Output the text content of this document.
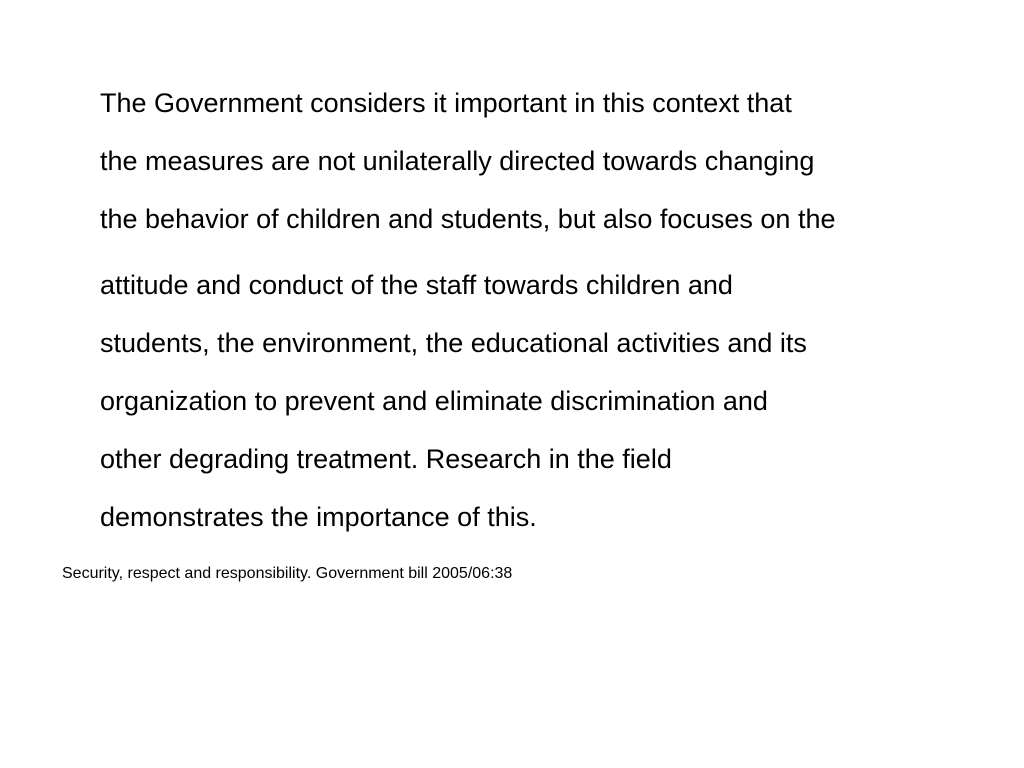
The Government considers it important in this context that
the measures are not unilaterally directed towards changing
the behavior of children and students, but also focuses on the
attitude and conduct of the staff towards children and
students, the environment, the educational activities and its
organization to prevent and eliminate discrimination and
other degrading treatment. Research in the field
demonstrates the importance of this.
Security, respect and responsibility. Government bill 2005/06:38
